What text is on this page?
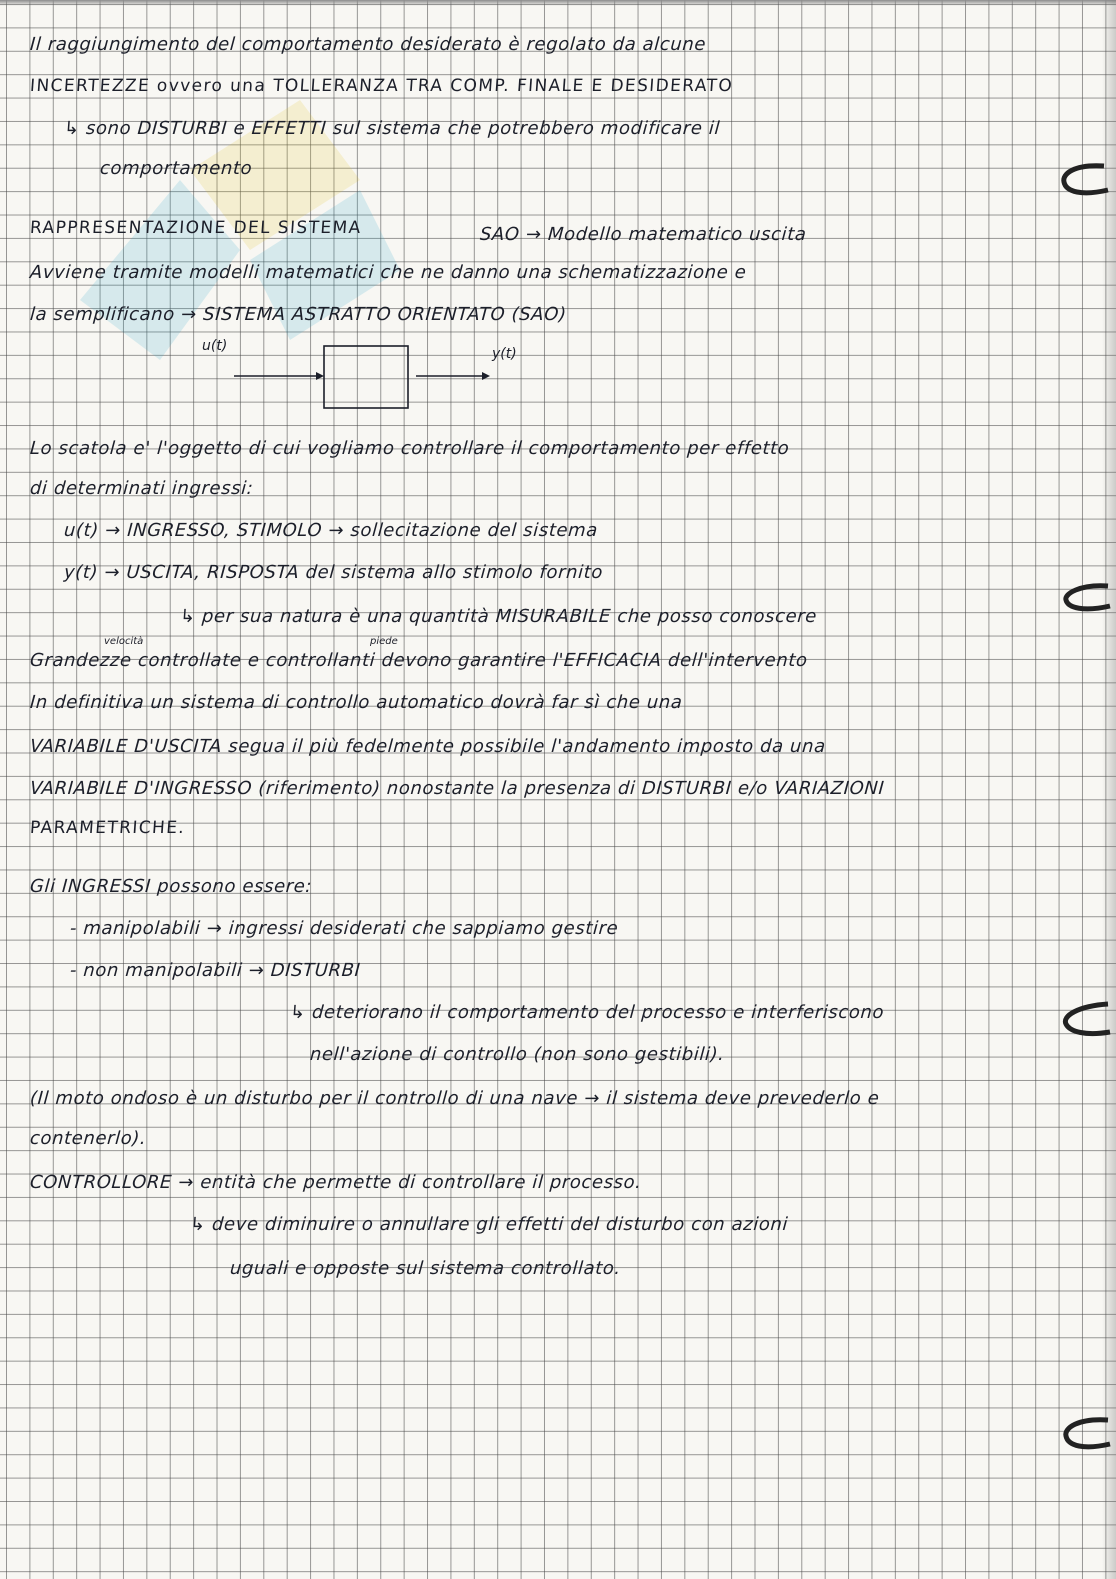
Il raggiungimento del comportamento desiderato è regolato da alcune
INCERTEZZE ovvero una TOLLERANZA TRA COMP. FINALE E DESIDERATO
↳ sono DISTURBI e EFFETTI sul sistema che potrebbero modificare il
comportamento
RAPPRESENTAZIONE DEL SISTEMA	SAO → Modello matematico uscita
Avviene tramite modelli matematici che ne danno una schematizzazione e
la semplificano → SISTEMA ASTRATTO ORIENTATO (SAO)
Lo scatola e' l'oggetto di cui vogliamo controllare il comportamento per effetto
di determinati ingressi:
u(t) → INGRESSO, STIMOLO → sollecitazione del sistema
y(t) → USCITA, RISPOSTA del sistema allo stimolo fornito
↳ per sua natura è una quantità MISURABILE che posso conoscere
Grandezze controllate e controllanti devono garantire l'EFFICACIA dell'intervento
In definitiva un sistema di controllo automatico dovrà far sì che una
VARIABILE D'USCITA segua il più fedelmente possibile l'andamento imposto da una
VARIABILE D'INGRESSO (riferimento) nonostante la presenza di DISTURBI e/o VARIAZIONI
PARAMETRICHE.
Gli INGRESSI possono essere:
- manipolabili → ingressi desiderati che sappiamo gestire
- non manipolabili → DISTURBI
↳ deteriorano il comportamento del processo e interferiscono
nell'azione di controllo (non sono gestibili).
(Il moto ondoso è un disturbo per il controllo di una nave → il sistema deve prevederlo e
contenerlo).
CONTROLLORE → entità che permette di controllare il processo.
↳ deve diminuire o annullare gli effetti del disturbo con azioni
uguali e opposte sul sistema controllato.
velocità	piede
u(t)	y(t)
